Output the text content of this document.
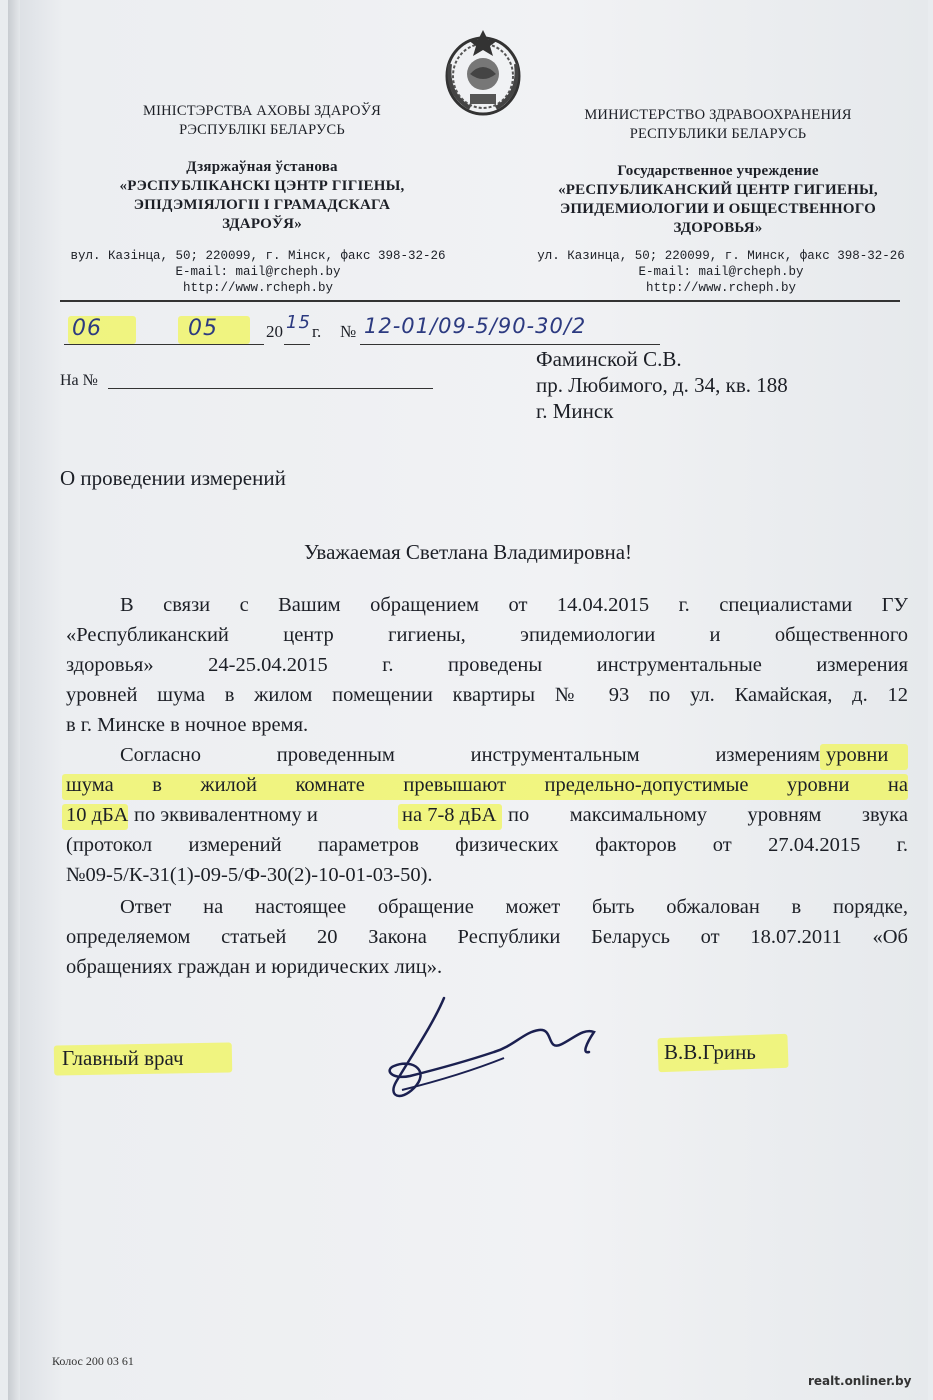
МІНІСТЭРСТВА АХОВЫ ЗДАРОЎЯ
РЭСПУБЛІКІ БЕЛАРУСЬ
Дзяржаўная ўстанова
«РЭСПУБЛІКАНСКІ ЦЭНТР ГІГІЕНЫ,
ЭПІДЭМІЯЛОГІІ І ГРАМАДСКАГА
ЗДАРОЎЯ»
вул. Казінца, 50; 220099, г. Мінск, факс 398-32-26
E-mail: mail@rcheph.by
http://www.rcheph.by
МИНИСТЕРСТВО ЗДРАВООХРАНЕНИЯ
РЕСПУБЛИКИ БЕЛАРУСЬ
Государственное учреждение
«РЕСПУБЛИКАНСКИЙ ЦЕНТР ГИГИЕНЫ,
ЭПИДЕМИОЛОГИИ И ОБЩЕСТВЕННОГО
ЗДОРОВЬЯ»
ул. Казинца, 50; 220099, г. Минск, факс 398-32-26
E-mail: mail@rcheph.by
http://www.rcheph.by
06	05	20 15 г. № 12-01/09-5/90-30/2
На №
Фаминской С.В.
пр. Любимого, д. 34, кв. 188
г. Минск
О проведении измерений
Уважаемая Светлана Владимировна!
В связи с Вашим обращением от 14.04.2015 г. специалистами ГУ
«Республиканский центр гигиены, эпидемиологии и общественного
здоровья» 24-25.04.2015 г. проведены инструментальные измерения
уровней шума в жилом помещении квартиры № 93 по ул. Камайская, д. 12
в г. Минске в ночное время.
Согласно проведенным инструментальным измерениям уровни
шума в жилой комнате превышают предельно-допустимые уровни на
10 дБА по эквивалентному и	на 7-8 дБА по максимальному уровням звука
(протокол измерений параметров физических факторов от 27.04.2015 г.
№09-5/К-31(1)-09-5/Ф-30(2)-10-01-03-50).
Ответ на настоящее обращение может быть обжалован в порядке,
определяемом статьей 20 Закона Республики Беларусь от 18.07.2011 «Об
обращениях граждан и юридических лиц».
Главный врач	В.В.Гринь
Колос 200 03 61
realt.onliner.by
